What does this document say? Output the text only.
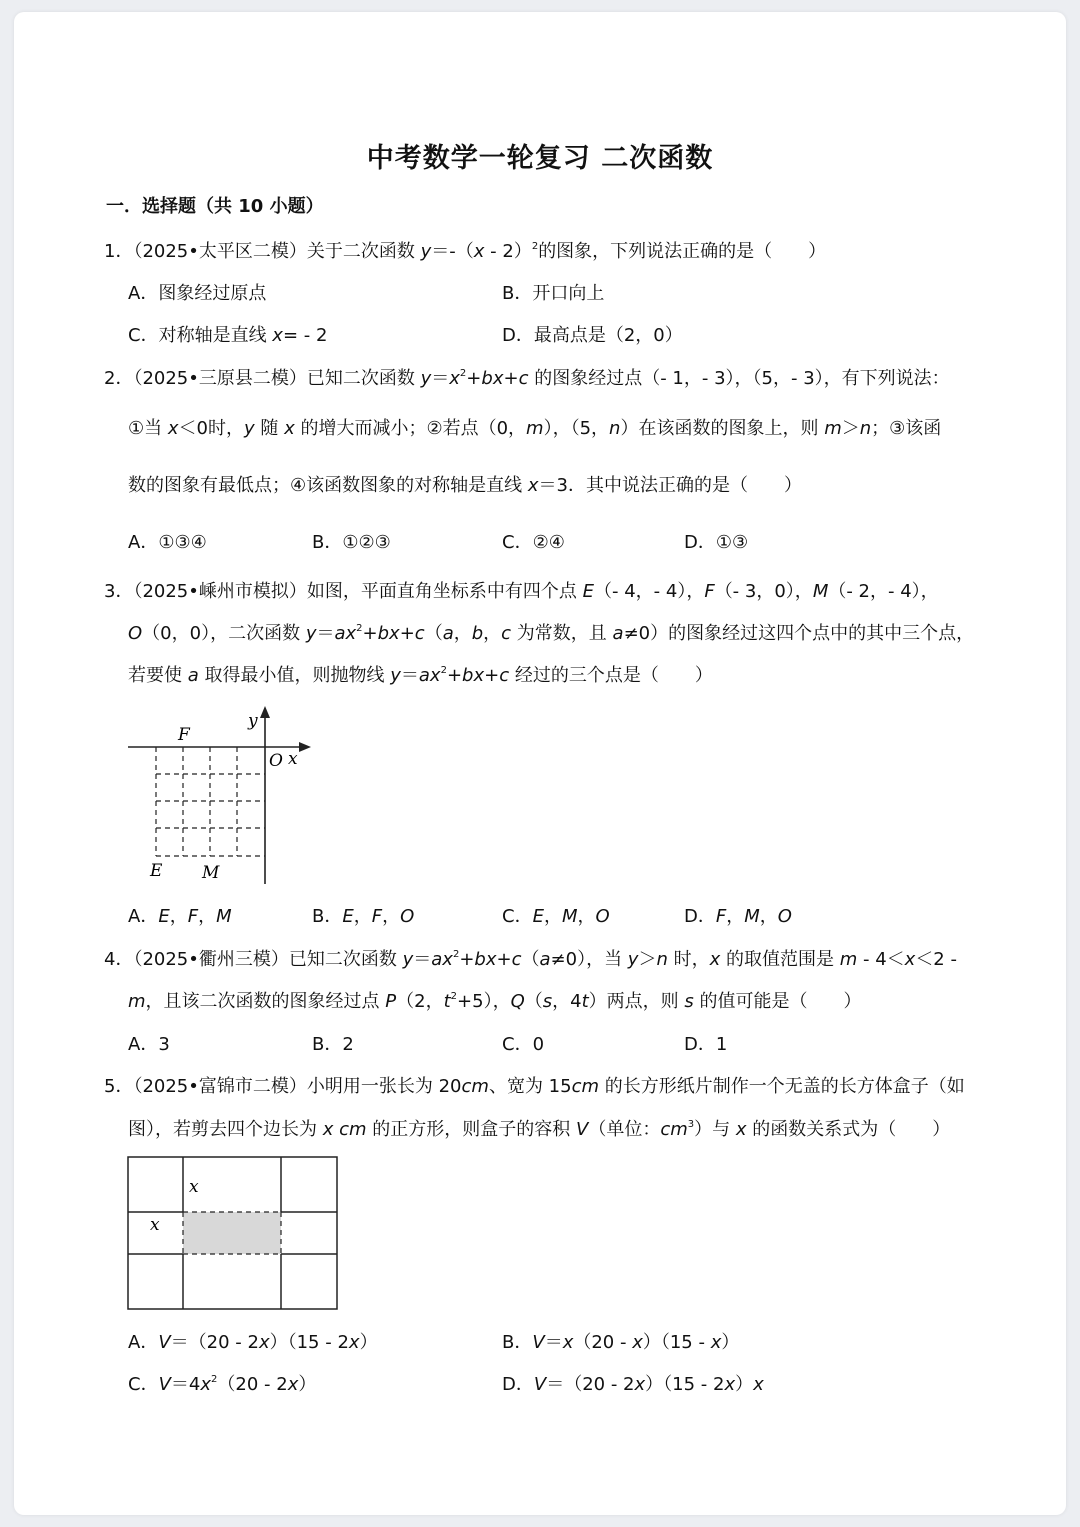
中考数学一轮复习 二次函数
一．选择题（共 10 小题）
1．（2025•太平区二模）关于二次函数 y＝-（x - 2）$^2$的图象，下列说法正确的是（　　）
A．图象经过原点	B．开口向上
C．对称轴是直线 x= - 2	D．最高点是（2，0）
2．（2025•三原县二模）已知二次函数 $y=x^2+bx+c$ 的图象经过点（- 1，- 3），（5，- 3），有下列说法：
①当 x＜0时，y 随 x 的增大而减小；②若点（0，m），（5，n）在该函数的图象上，则 m＞n；③该函
数的图象有最低点；④该函数图象的对称轴是直线 x＝3．其中说法正确的是（　　）
A．①③④	B．①②③	C．②④	D．①③
3．（2025•嵊州市模拟）如图，平面直角坐标系中有四个点 E（- 4，- 4），F（- 3，0），M（- 2，- 4），
O（0，0），二次函数 $y=ax^2+bx+c(a$，b，c 为常数，且 a≠0）的图象经过这四个点中的其中三个点，
若要使 a 取得最小值，则抛物线 $y=ax^2+bx+c$ 经过的三个点是（　　）
F
O x
y
E M
A．E，F，M	B．E，F，O	C．E，M，O	D．F，M，O
4．（2025•衢州三模）已知二次函数 $y=ax^2+bx+c(a\ne 0)$，当 y＞n 时，x 的取值范围是 m - 4＜x＜2 -
m，且该二次函数的图象经过点 P（2，$t^2+5$），Q（s，4t）两点，则 s 的值可能是（　　）
A．3	B．2	C．0	D．1
5．（2025•富锦市二模）小明用一张长为 20cm、宽为 15cm 的长方形纸片制作一个无盖的长方体盒子（如
图），若剪去四个边长为 x cm 的正方形，则盒子的容积 V（单位：$cm^3$）与 x 的函数关系式为（　　）
x
x
A．V＝（20 - 2x）（15 - 2x）	B．V＝x（20 - x）（15 - x）
C．$V=4x^2(20 - 2x)$	D．V＝（20 - 2x）（15 - 2x）x
